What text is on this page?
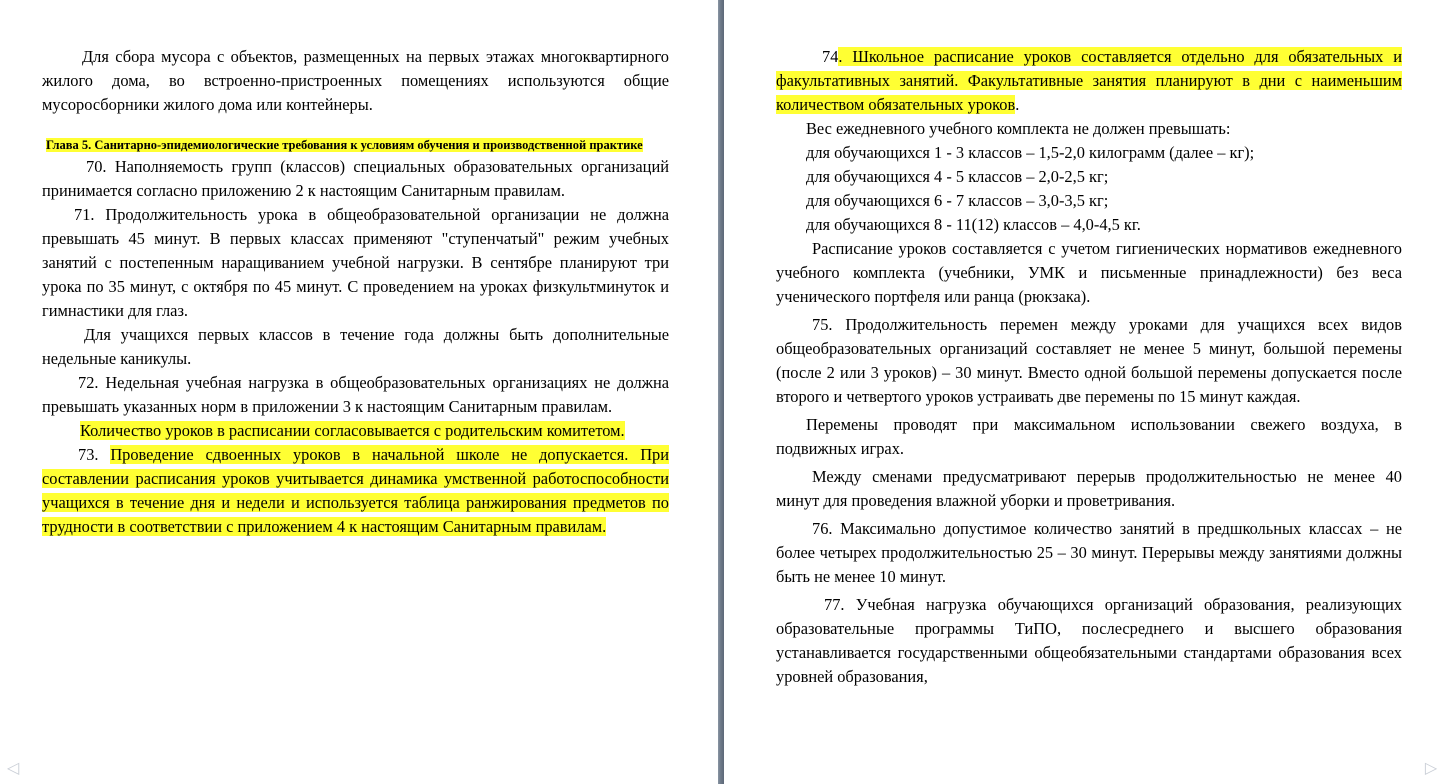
Для сбора мусора с объектов, размещенных на первых этажах многоквартирного жилого дома, во встроенно-пристроенных помещениях используются общие мусоросборники жилого дома или контейнеры.

Глава 5. Санитарно-эпидемиологические требования к условиям обучения и производственной практике

70. Наполняемость групп (классов) специальных образовательных организаций принимается согласно приложению 2 к настоящим Санитарным правилам.

71. Продолжительность урока в общеобразовательной организации не должна превышать 45 минут. В первых классах применяют "ступенчатый" режим учебных занятий с постепенным наращиванием учебной нагрузки. В сентябре планируют три урока по 35 минут, с октября по 45 минут. С проведением на уроках физкультминуток и гимнастики для глаз.

Для учащихся первых классов в течение года должны быть дополнительные недельные каникулы.

72. Недельная учебная нагрузка в общеобразовательных организациях не должна превышать указанных норм в приложении 3 к настоящим Санитарным правилам.

Количество уроков в расписании согласовывается с родительским комитетом.

73. Проведение сдвоенных уроков в начальной школе не допускается. При составлении расписания уроков учитывается динамика умственной работоспособности учащихся в течение дня и недели и используется таблица ранжирования предметов по трудности в соответствии с приложением 4 к настоящим Санитарным правилам.

74. Школьное расписание уроков составляется отдельно для обязательных и факультативных занятий. Факультативные занятия планируют в дни с наименьшим количеством обязательных уроков.

Вес ежедневного учебного комплекта не должен превышать:

для обучающихся 1 - 3 классов – 1,5-2,0 килограмм (далее – кг);

для обучающихся 4 - 5 классов – 2,0-2,5 кг;

для обучающихся 6 - 7 классов – 3,0-3,5 кг;

для обучающихся 8 - 11(12) классов – 4,0-4,5 кг.

Расписание уроков составляется с учетом гигиенических нормативов ежедневного учебного комплекта (учебники, УМК и письменные принадлежности) без веса ученического портфеля или ранца (рюкзака).

75. Продолжительность перемен между уроками для учащихся всех видов общеобразовательных организаций составляет не менее 5 минут, большой перемены (после 2 или 3 уроков) – 30 минут. Вместо одной большой перемены допускается после второго и четвертого уроков устраивать две перемены по 15 минут каждая.

Перемены проводят при максимальном использовании свежего воздуха, в подвижных играх.

Между сменами предусматривают перерыв продолжительностью не менее 40 минут для проведения влажной уборки и проветривания.

76. Максимально допустимое количество занятий в предшкольных классах – не более четырех продолжительностью 25 – 30 минут. Перерывы между занятиями должны быть не менее 10 минут.

77. Учебная нагрузка обучающихся организаций образования, реализующих образовательные программы ТиПО, послесреднего и высшего образования устанавливается государственными общеобязательными стандартами образования всех уровней образования,

◁	▷
